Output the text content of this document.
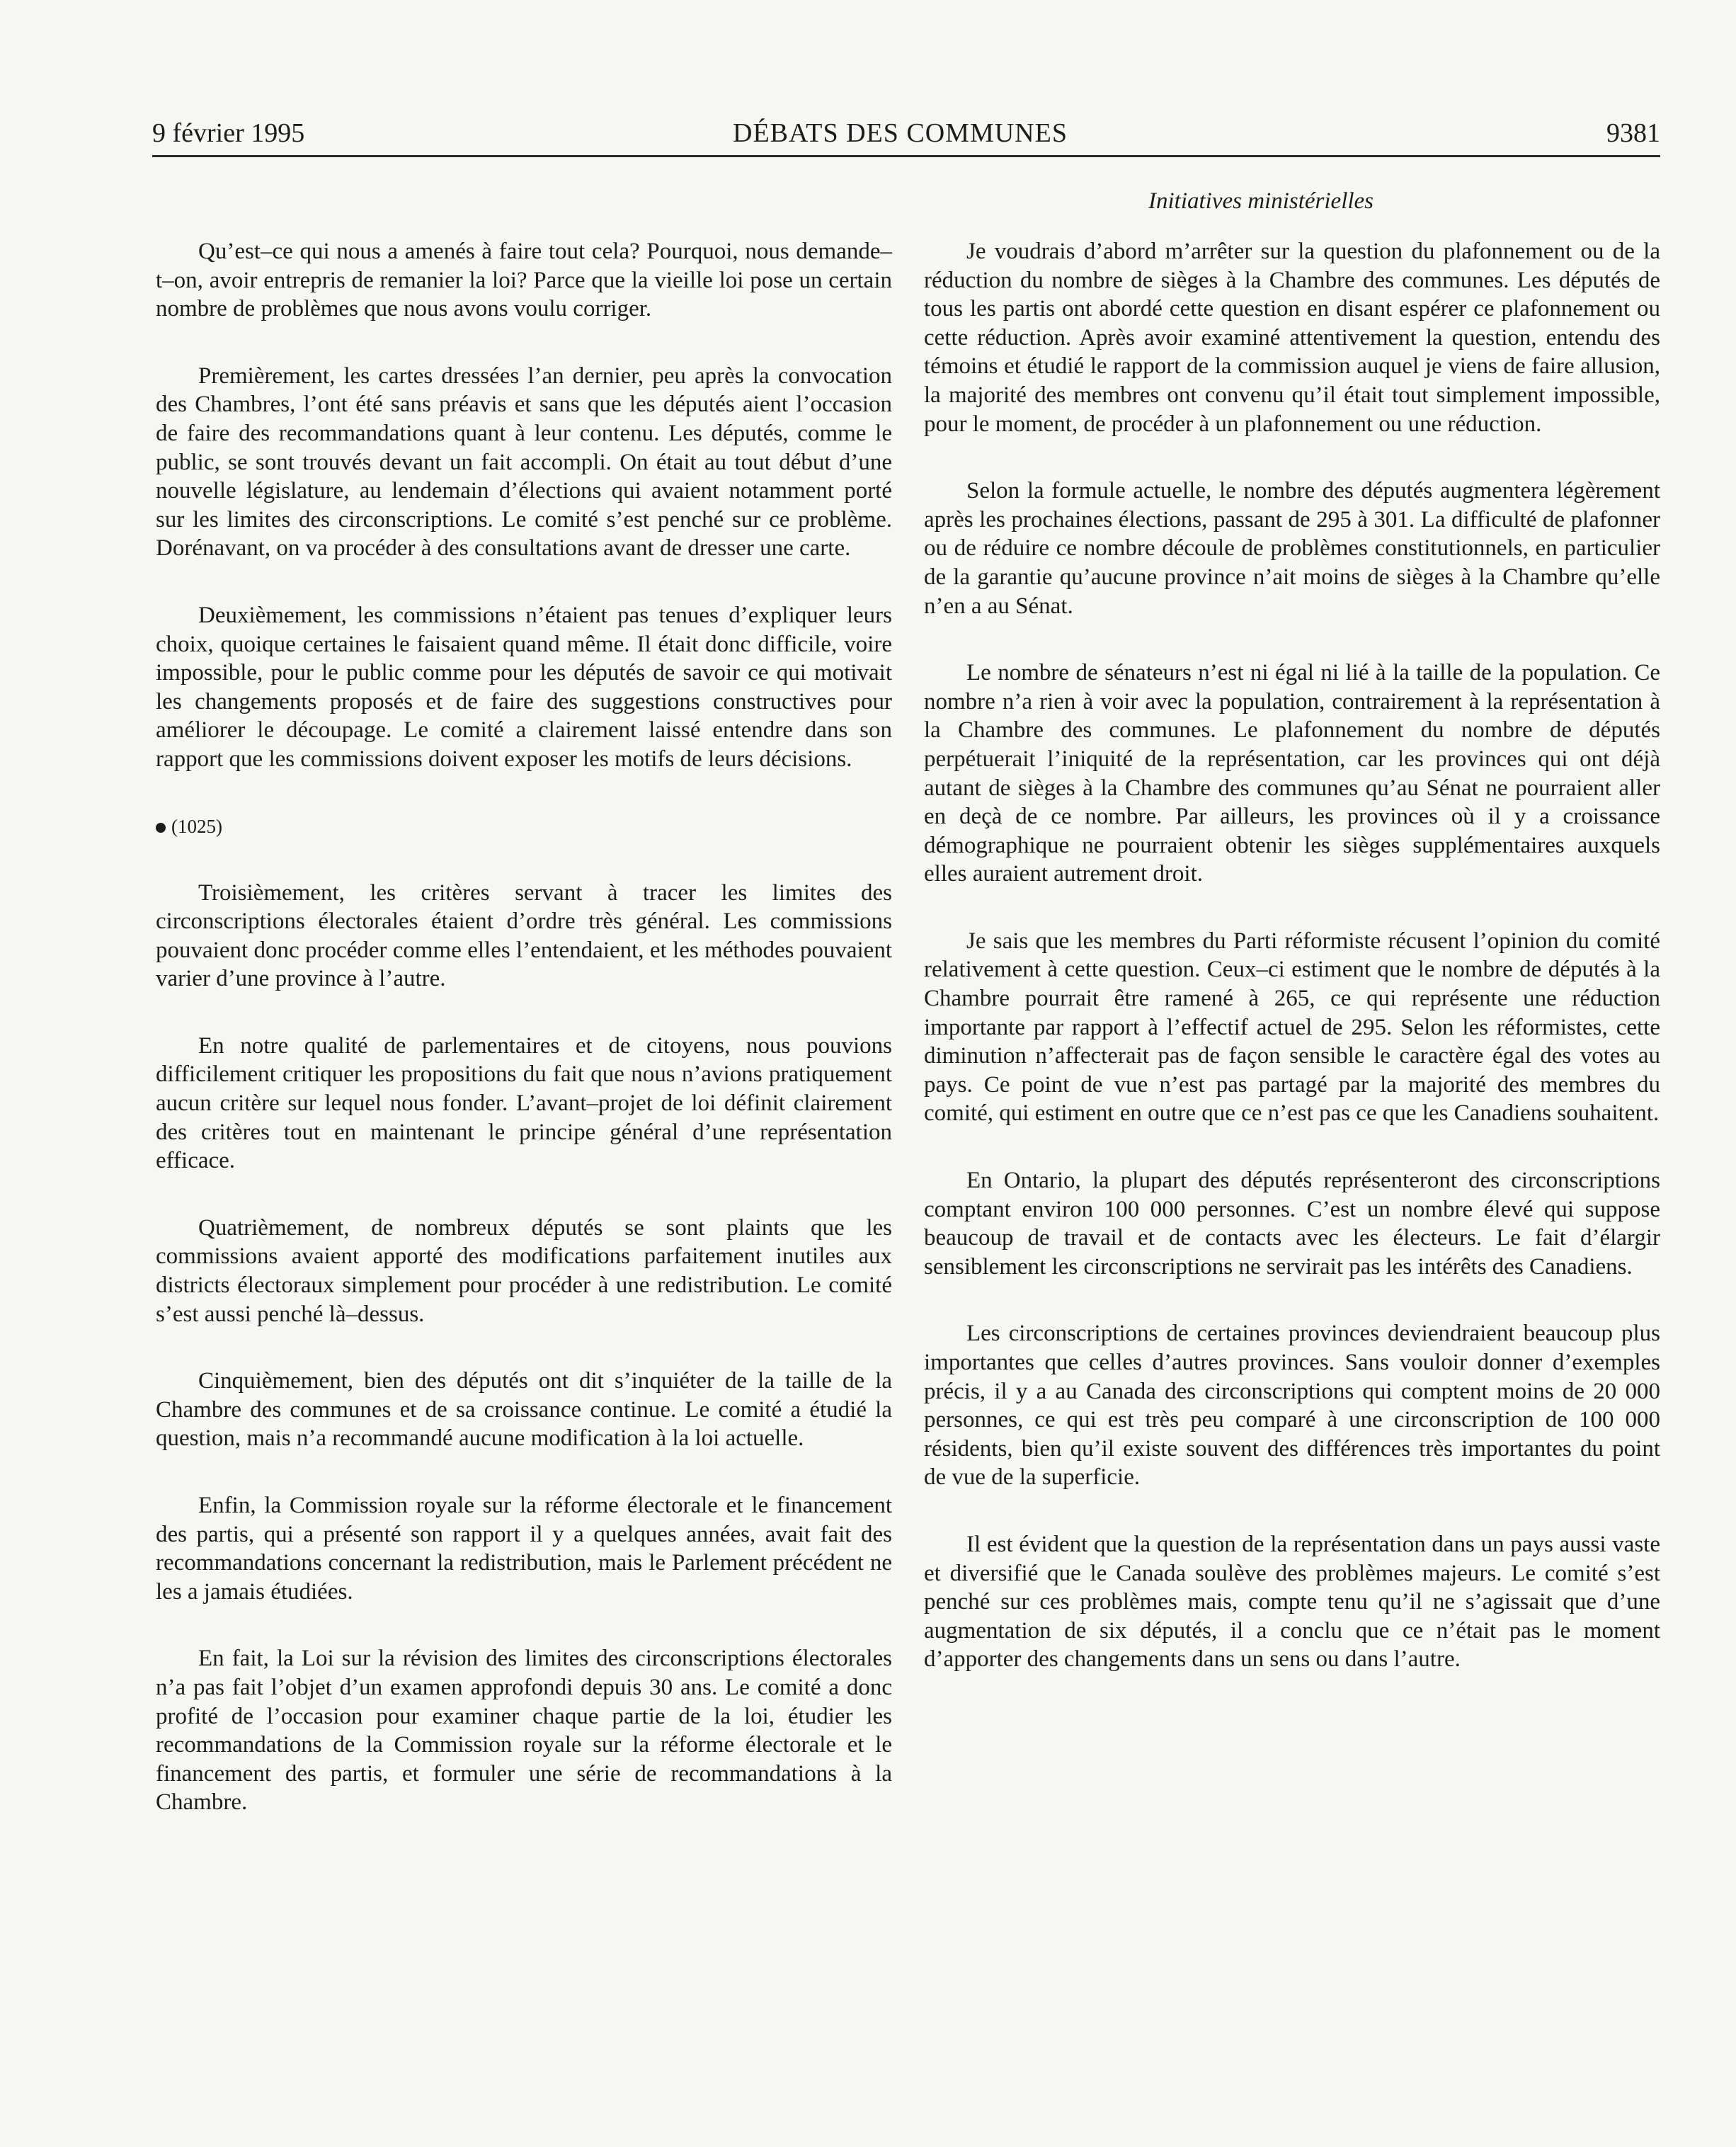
9 février 1995	DÉBATS DES COMMUNES	9381
Initiatives ministérielles

Qu’est–ce qui nous a amenés à faire tout cela? Pourquoi, nous demande–t–on, avoir entrepris de remanier la loi? Parce que la vieille loi pose un certain nombre de problèmes que nous avons voulu corriger.

Premièrement, les cartes dressées l’an dernier, peu après la convocation des Chambres, l’ont été sans préavis et sans que les députés aient l’occasion de faire des recommandations quant à leur contenu. Les députés, comme le public, se sont trouvés devant un fait accompli. On était au tout début d’une nouvelle législature, au lendemain d’élections qui avaient notamment porté sur les limites des circonscriptions. Le comité s’est penché sur ce problème. Dorénavant, on va procéder à des consultations avant de dresser une carte.

Deuxièmement, les commissions n’étaient pas tenues d’expliquer leurs choix, quoique certaines le faisaient quand même. Il était donc difficile, voire impossible, pour le public comme pour les députés de savoir ce qui motivait les changements proposés et de faire des suggestions constructives pour améliorer le découpage. Le comité a clairement laissé entendre dans son rapport que les commissions doivent exposer les motifs de leurs décisions.

(1025)

Troisièmement, les critères servant à tracer les limites des circonscriptions électorales étaient d’ordre très général. Les commissions pouvaient donc procéder comme elles l’entendaient, et les méthodes pouvaient varier d’une province à l’autre.

En notre qualité de parlementaires et de citoyens, nous pouvions difficilement critiquer les propositions du fait que nous n’avions pratiquement aucun critère sur lequel nous fonder. L’avant–projet de loi définit clairement des critères tout en maintenant le principe général d’une représentation efficace.

Quatrièmement, de nombreux députés se sont plaints que les commissions avaient apporté des modifications parfaitement inutiles aux districts électoraux simplement pour procéder à une redistribution. Le comité s’est aussi penché là–dessus.

Cinquièmement, bien des députés ont dit s’inquiéter de la taille de la Chambre des communes et de sa croissance continue. Le comité a étudié la question, mais n’a recommandé aucune modification à la loi actuelle.

Enfin, la Commission royale sur la réforme électorale et le financement des partis, qui a présenté son rapport il y a quelques années, avait fait des recommandations concernant la redistribution, mais le Parlement précédent ne les a jamais étudiées.

En fait, la Loi sur la révision des limites des circonscriptions électorales n’a pas fait l’objet d’un examen approfondi depuis 30 ans. Le comité a donc profité de l’occasion pour examiner chaque partie de la loi, étudier les recommandations de la Commission royale sur la réforme électorale et le financement des partis, et formuler une série de recommandations à la Chambre.

Je voudrais d’abord m’arrêter sur la question du plafonnement ou de la réduction du nombre de sièges à la Chambre des communes. Les députés de tous les partis ont abordé cette question en disant espérer ce plafonnement ou cette réduction. Après avoir examiné attentivement la question, entendu des témoins et étudié le rapport de la commission auquel je viens de faire allusion, la majorité des membres ont convenu qu’il était tout simplement impossible, pour le moment, de procéder à un plafonnement ou une réduction.

Selon la formule actuelle, le nombre des députés augmentera légèrement après les prochaines élections, passant de 295 à 301. La difficulté de plafonner ou de réduire ce nombre découle de problèmes constitutionnels, en particulier de la garantie qu’aucune province n’ait moins de sièges à la Chambre qu’elle n’en a au Sénat.

Le nombre de sénateurs n’est ni égal ni lié à la taille de la population. Ce nombre n’a rien à voir avec la population, contrairement à la représentation à la Chambre des communes. Le plafonnement du nombre de députés perpétuerait l’iniquité de la représentation, car les provinces qui ont déjà autant de sièges à la Chambre des communes qu’au Sénat ne pourraient aller en deçà de ce nombre. Par ailleurs, les provinces où il y a croissance démographique ne pourraient obtenir les sièges supplémentaires auxquels elles auraient autrement droit.

Je sais que les membres du Parti réformiste récusent l’opinion du comité relativement à cette question. Ceux–ci estiment que le nombre de députés à la Chambre pourrait être ramené à 265, ce qui représente une réduction importante par rapport à l’effectif actuel de 295. Selon les réformistes, cette diminution n’affecterait pas de façon sensible le caractère égal des votes au pays. Ce point de vue n’est pas partagé par la majorité des membres du comité, qui estiment en outre que ce n’est pas ce que les Canadiens souhaitent.

En Ontario, la plupart des députés représenteront des circonscriptions comptant environ 100 000 personnes. C’est un nombre élevé qui suppose beaucoup de travail et de contacts avec les électeurs. Le fait d’élargir sensiblement les circonscriptions ne servirait pas les intérêts des Canadiens.

Les circonscriptions de certaines provinces deviendraient beaucoup plus importantes que celles d’autres provinces. Sans vouloir donner d’exemples précis, il y a au Canada des circonscriptions qui comptent moins de 20 000 personnes, ce qui est très peu comparé à une circonscription de 100 000 résidents, bien qu’il existe souvent des différences très importantes du point de vue de la superficie.

Il est évident que la question de la représentation dans un pays aussi vaste et diversifié que le Canada soulève des problèmes majeurs. Le comité s’est penché sur ces problèmes mais, compte tenu qu’il ne s’agissait que d’une augmentation de six députés, il a conclu que ce n’était pas le moment d’apporter des changements dans un sens ou dans l’autre.
